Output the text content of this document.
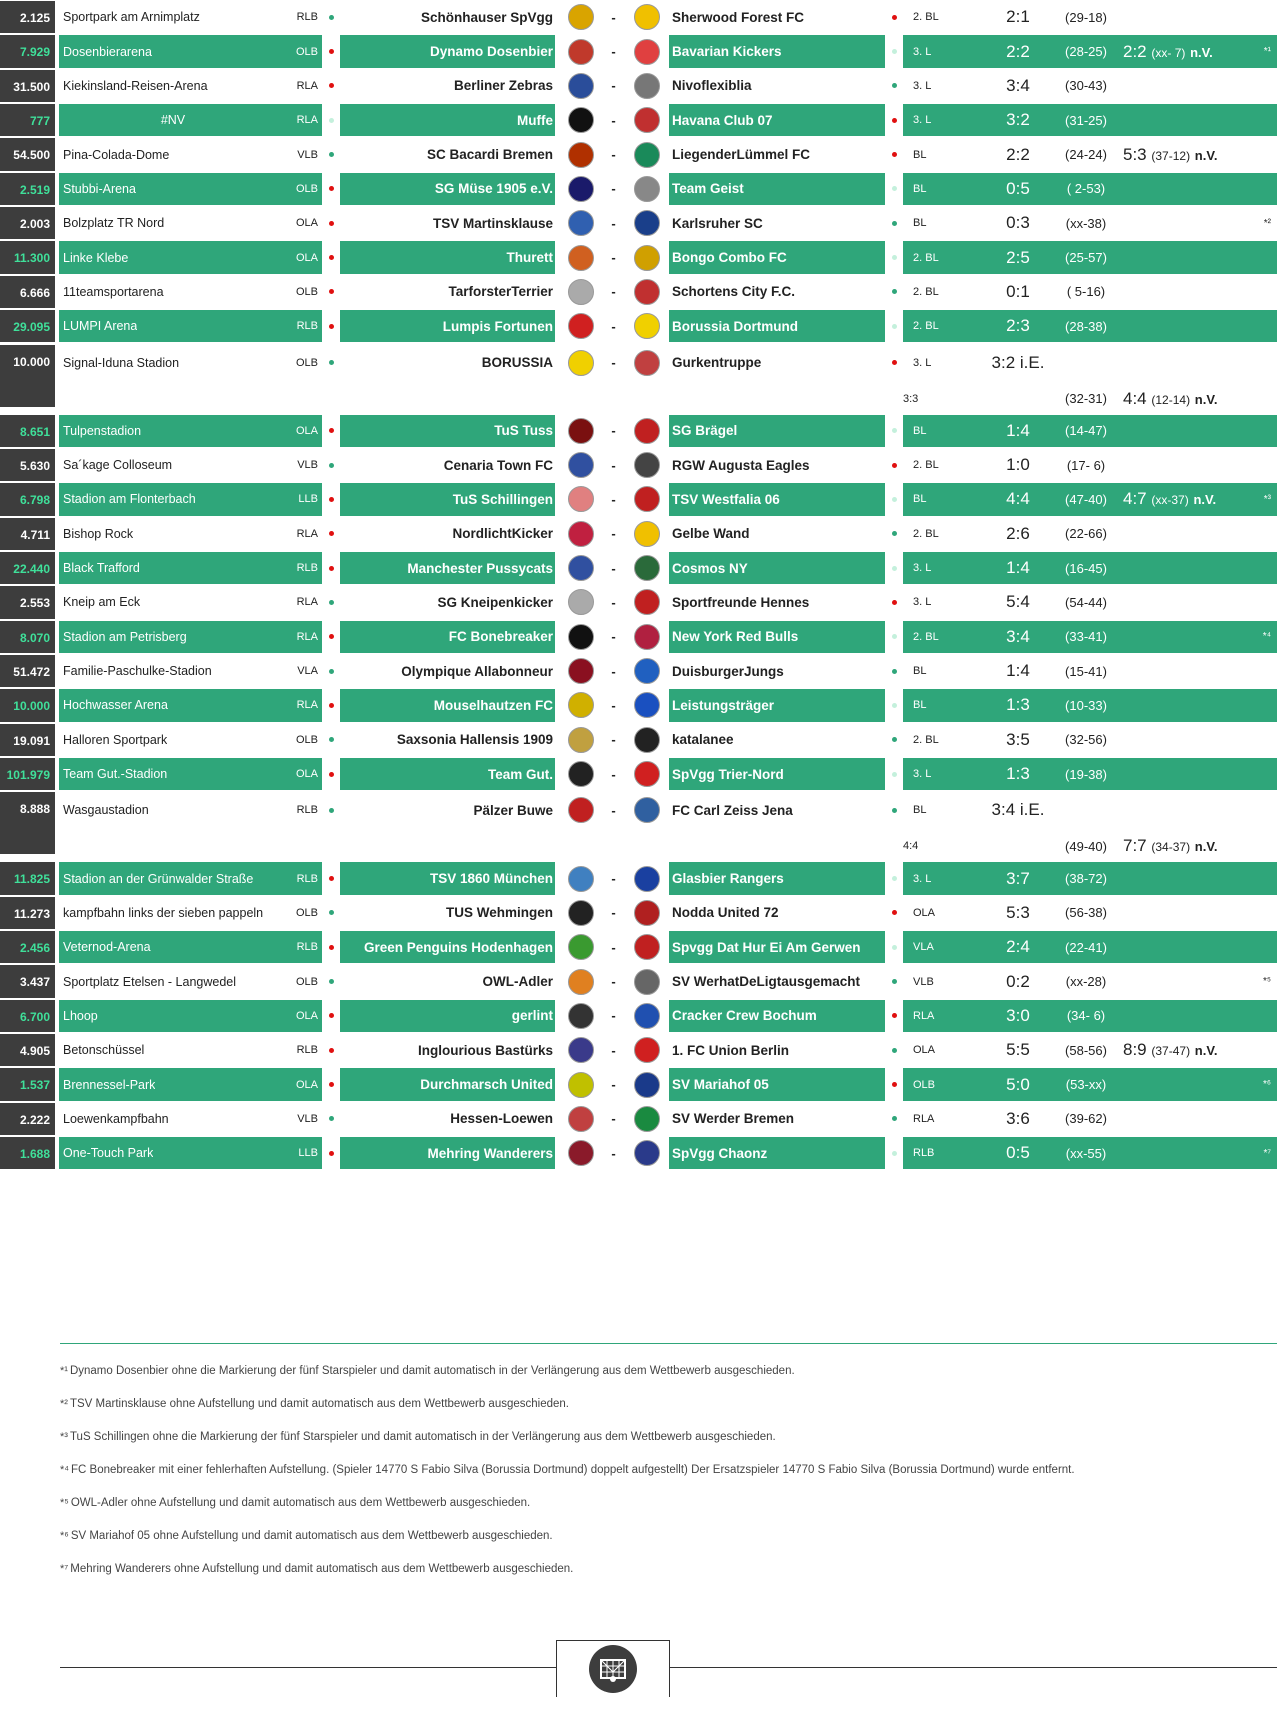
2.125	Sportpark am Arnimplatz	RLB	Schönhauser SpVgg	-	Sherwood Forest FC	2. BL	2:1	(29-18)
7.929	Dosenbierarena	OLB	Dynamo Dosenbier	-	Bavarian Kickers	3. L	2:2	(28-25) 2:2 (xx- 7) n.V.	*¹
31.500	Kiekinsland-Reisen-Arena	RLA	Berliner Zebras	-	Nivoflexiblia	3. L	3:4	(30-43)
777	#NV	RLA	Muffe	-	Havana Club 07	3. L	3:2	(31-25)
54.500	Pina-Colada-Dome	VLB	SC Bacardi Bremen	-	LiegenderLümmel FC	BL	2:2	(24-24) 5:3 (37-12) n.V.
2.519	Stubbi-Arena	OLB	SG Müse 1905 e.V.	-	Team Geist	BL	0:5	( 2-53)
2.003	Bolzplatz TR Nord	OLA	TSV Martinsklause	-	Karlsruher SC	BL	0:3	(xx-38)	*²
11.300	Linke Klebe	OLA	Thurett	-	Bongo Combo FC	2. BL	2:5	(25-57)
6.666	11teamsportarena	OLB	TarforsterTerrier	-	Schortens City F.C.	2. BL	0:1	( 5-16)
29.095	LUMPI Arena	RLB	Lumpis Fortunen	-	Borussia Dortmund	2. BL	2:3	(28-38)
10.000	Signal-Iduna Stadion	OLB	BORUSSIA	-	Gurkentruppe	3. L	3:2 i.E.
3:3	(32-31) 4:4 (12-14) n.V.
8.651	Tulpenstadion	OLA	TuS Tuss	-	SG Brägel	BL	1:4	(14-47)
5.630	Sa´kage Colloseum	VLB	Cenaria Town FC	-	RGW Augusta Eagles	2. BL	1:0	(17- 6)
6.798	Stadion am Flonterbach	LLB	TuS Schillingen	-	TSV Westfalia 06	BL	4:4	(47-40) 4:7 (xx-37) n.V.	*³
4.711	Bishop Rock	RLA	NordlichtKicker	-	Gelbe Wand	2. BL	2:6	(22-66)
22.440	Black Trafford	RLB	Manchester Pussycats	-	Cosmos NY	3. L	1:4	(16-45)
2.553	Kneip am Eck	RLA	SG Kneipenkicker	-	Sportfreunde Hennes	3. L	5:4	(54-44)
8.070	Stadion am Petrisberg	RLA	FC Bonebreaker	-	New York Red Bulls	2. BL	3:4	(33-41)	*⁴
51.472	Familie-Paschulke-Stadion	VLA	Olympique Allabonneur	-	DuisburgerJungs	BL	1:4	(15-41)
10.000	Hochwasser Arena	RLA	Mouselhautzen FC	-	Leistungsträger	BL	1:3	(10-33)
19.091	Halloren Sportpark	OLB	Saxsonia Hallensis 1909	-	katalanee	2. BL	3:5	(32-56)
101.979	Team Gut.-Stadion	OLA	Team Gut.	-	SpVgg Trier-Nord	3. L	1:3	(19-38)
8.888	Wasgaustadion	RLB	Pälzer Buwe	-	FC Carl Zeiss Jena	BL	3:4 i.E.
4:4	(49-40) 7:7 (34-37) n.V.
11.825	Stadion an der Grünwalder Straße	RLB	TSV 1860 München	-	Glasbier Rangers	3. L	3:7	(38-72)
11.273	kampfbahn links der sieben pappeln	OLB	TUS Wehmingen	-	Nodda United 72	OLA	5:3	(56-38)
2.456	Veternod-Arena	RLB	Green Penguins Hodenhagen	-	Spvgg Dat Hur Ei Am Gerwen	VLA	2:4	(22-41)
3.437	Sportplatz Etelsen - Langwedel	OLB	OWL-Adler	-	SV WerhatDeLigtausgemacht	VLB	0:2	(xx-28)	*⁵
6.700	Lhoop	OLA	gerlint	-	Cracker Crew Bochum	RLA	3:0	(34- 6)
4.905	Betonschüssel	RLB	Inglourious Bastürks	-	1. FC Union Berlin	OLA	5:5	(58-56) 8:9 (37-47) n.V.
1.537	Brennessel-Park	OLA	Durchmarsch United	-	SV Mariahof 05	OLB	5:0	(53-xx)	*⁶
2.222	Loewenkampfbahn	VLB	Hessen-Loewen	-	SV Werder Bremen	RLA	3:6	(39-62)
1.688	One-Touch Park	LLB	Mehring Wanderers	-	SpVgg Chaonz	RLB	0:5	(xx-55)	*⁷
*¹ Dynamo Dosenbier ohne die Markierung der fünf Starspieler und damit automatisch in der Verlängerung aus dem Wettbewerb ausgeschieden.
*² TSV Martinsklause ohne Aufstellung und damit automatisch aus dem Wettbewerb ausgeschieden.
*³ TuS Schillingen ohne die Markierung der fünf Starspieler und damit automatisch in der Verlängerung aus dem Wettbewerb ausgeschieden.
*⁴ FC Bonebreaker mit einer fehlerhaften Aufstellung. (Spieler 14770 S Fabio Silva (Borussia Dortmund) doppelt aufgestellt) Der Ersatzspieler 14770 S Fabio Silva (Borussia Dortmund) wurde entfernt.
*⁵ OWL-Adler ohne Aufstellung und damit automatisch aus dem Wettbewerb ausgeschieden.
*⁶ SV Mariahof 05 ohne Aufstellung und damit automatisch aus dem Wettbewerb ausgeschieden.
*⁷ Mehring Wanderers ohne Aufstellung und damit automatisch aus dem Wettbewerb ausgeschieden.
